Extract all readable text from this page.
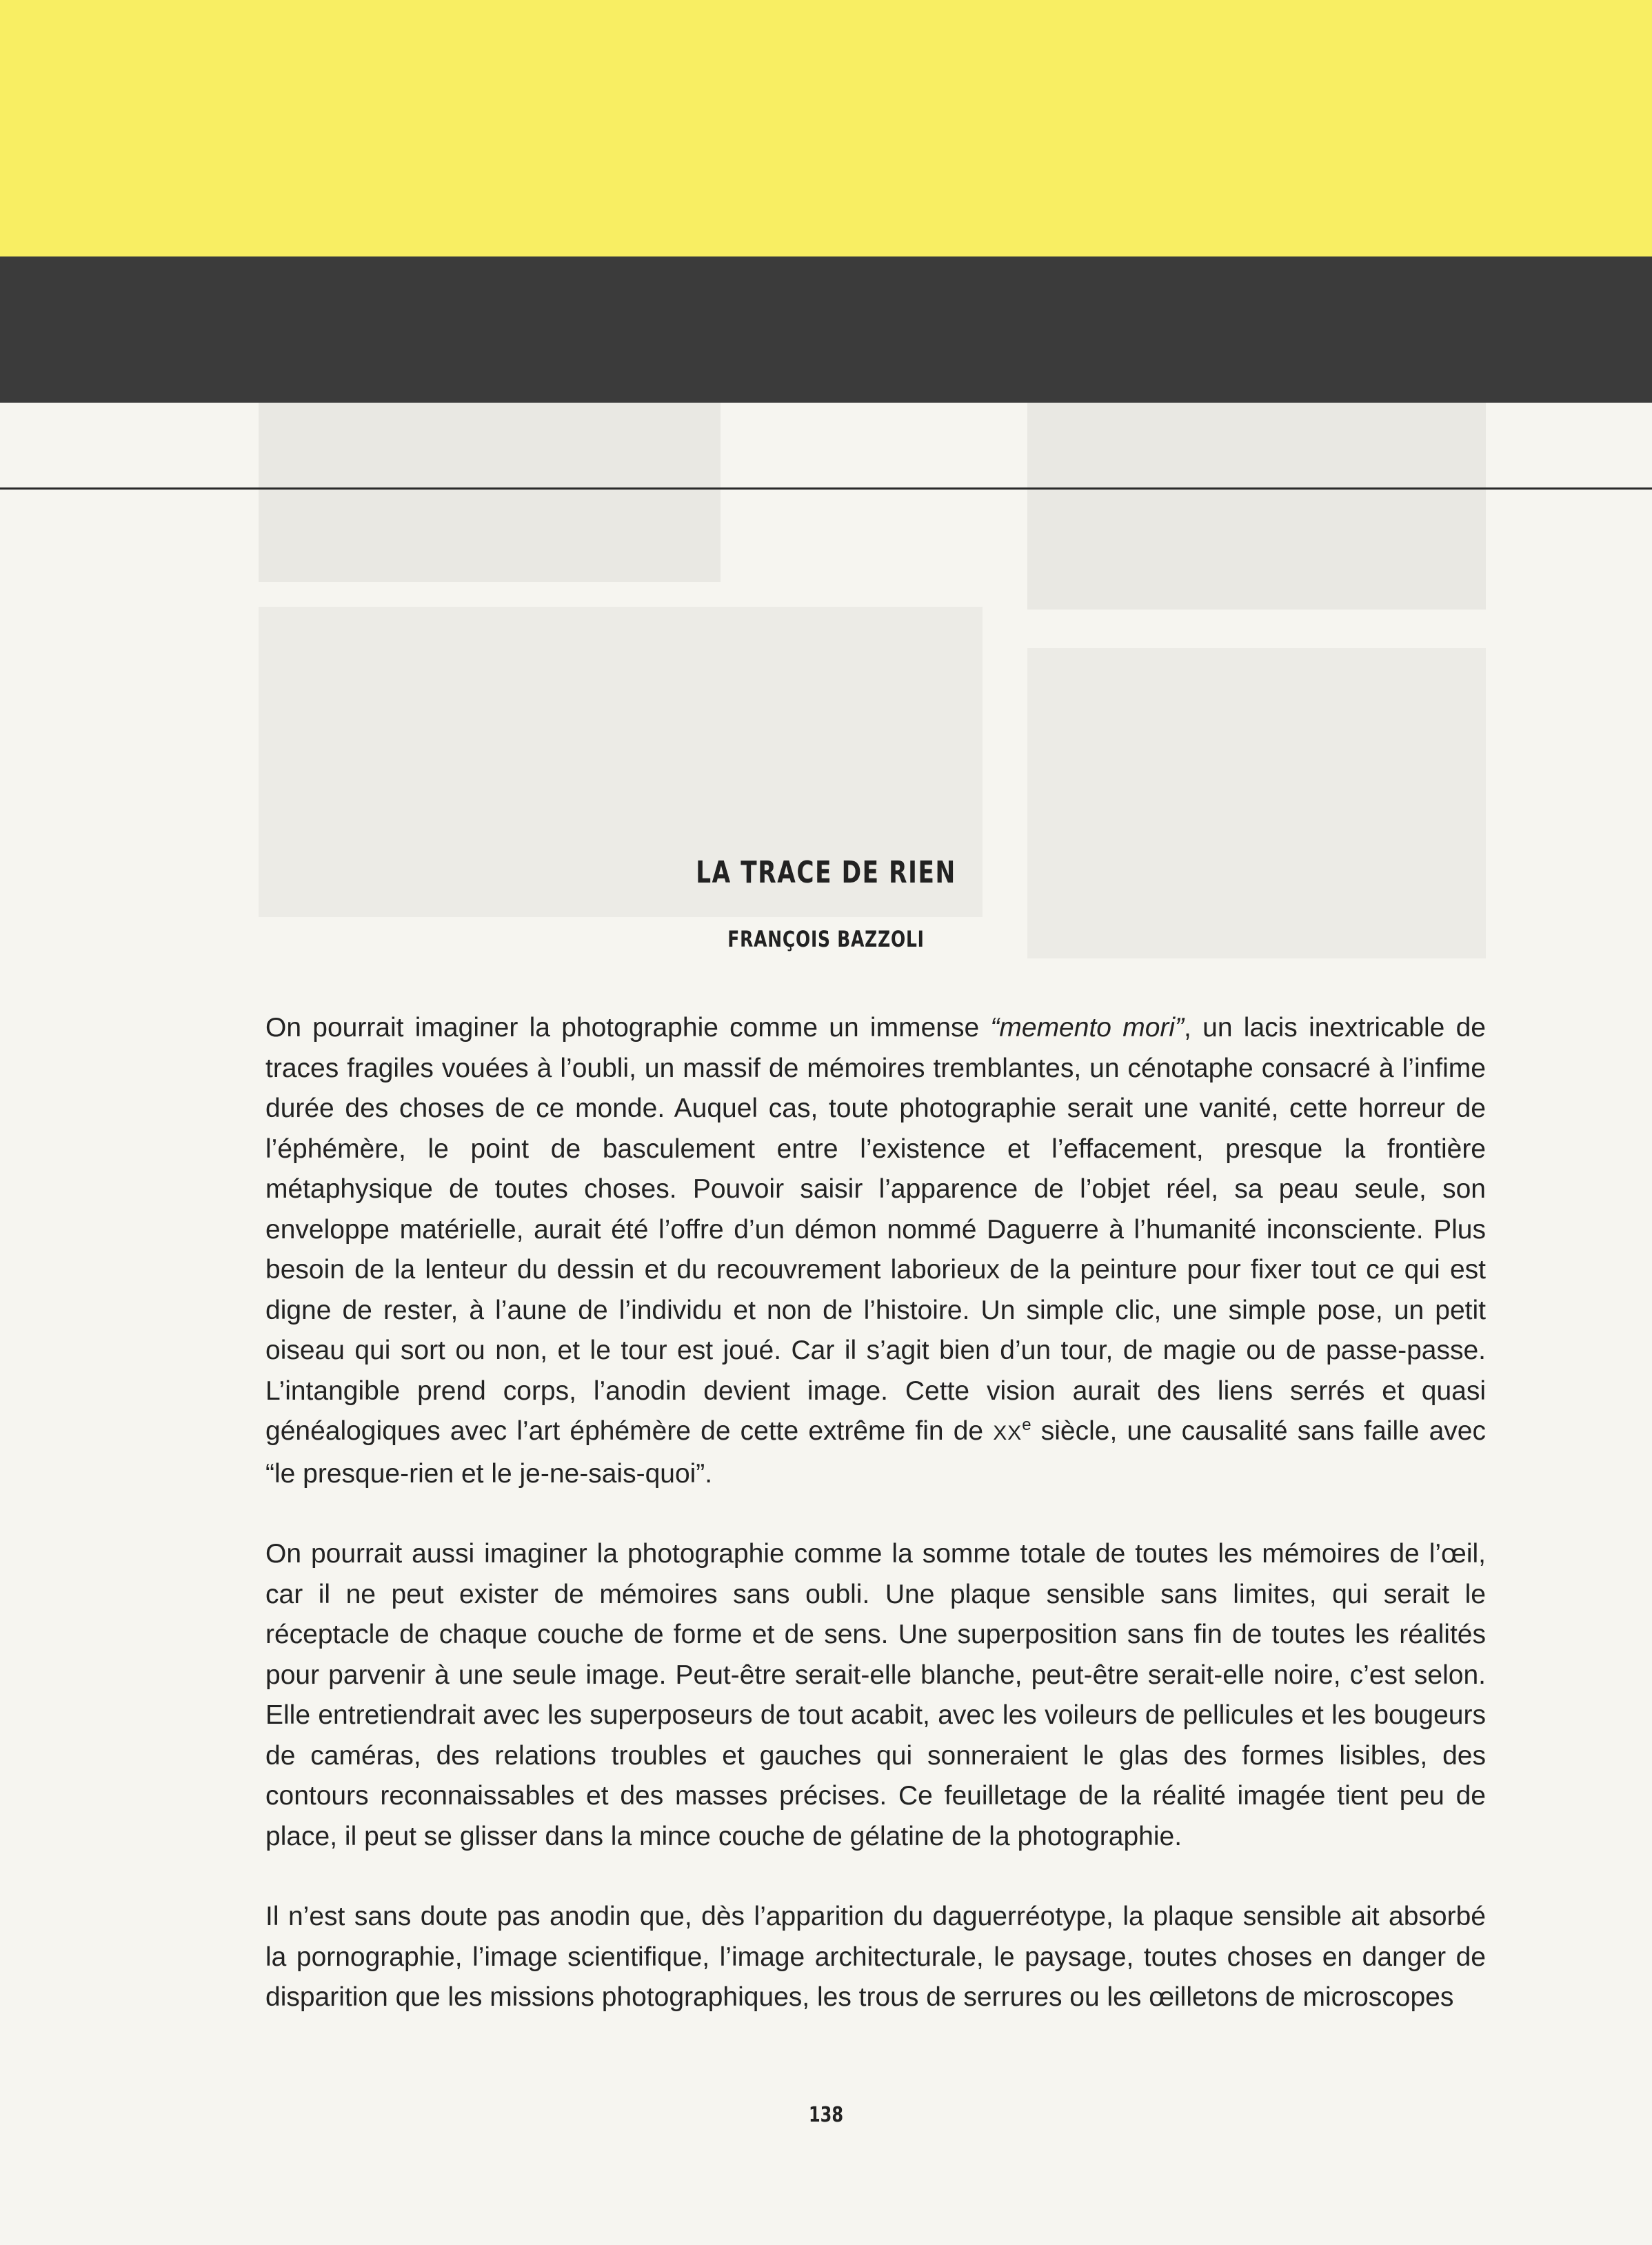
LA TRACE DE RIEN
FRANÇOIS BAZZOLI

On pourrait imaginer la photographie comme un immense “memento mori”, un lacis inextricable de traces fragiles vouées à l’oubli, un massif de mémoires tremblantes, un cénotaphe consacré à l’infime durée des choses de ce monde. Auquel cas, toute photographie serait une vanité, cette horreur de l’éphémère, le point de basculement entre l’existence et l’effacement, presque la frontière métaphysique de toutes choses. Pouvoir saisir l’apparence de l’objet réel, sa peau seule, son enveloppe matérielle, aurait été l’offre d’un démon nommé Daguerre à l’humanité inconsciente. Plus besoin de la lenteur du dessin et du recouvrement laborieux de la peinture pour fixer tout ce qui est digne de rester, à l’aune de l’individu et non de l’histoire. Un simple clic, une simple pose, un petit oiseau qui sort ou non, et le tour est joué. Car il s’agit bien d’un tour, de magie ou de passe-passe. L’intangible prend corps, l’anodin devient image. Cette vision aurait des liens serrés et quasi généalogiques avec l’art éphémère de cette extrême fin de XXe siècle, une causalité sans faille avec “le presque-rien et le je-ne-sais-quoi”.

On pourrait aussi imaginer la photographie comme la somme totale de toutes les mémoires de l’œil, car il ne peut exister de mémoires sans oubli. Une plaque sensible sans limites, qui serait le réceptacle de chaque couche de forme et de sens. Une superposition sans fin de toutes les réalités pour parvenir à une seule image. Peut-être serait-elle blanche, peut-être serait-elle noire, c’est selon. Elle entretiendrait avec les superposeurs de tout acabit, avec les voileurs de pellicules et les bougeurs de caméras, des relations troubles et gauches qui sonneraient le glas des formes lisibles, des contours reconnaissables et des masses précises. Ce feuilletage de la réalité imagée tient peu de place, il peut se glisser dans la mince couche de gélatine de la photographie.

Il n’est sans doute pas anodin que, dès l’apparition du daguerréotype, la plaque sensible ait absorbé la pornographie, l’image scientifique, l’image architecturale, le paysage, toutes choses en danger de disparition que les missions photographiques, les trous de serrures ou les œilletons de microscopes

138
